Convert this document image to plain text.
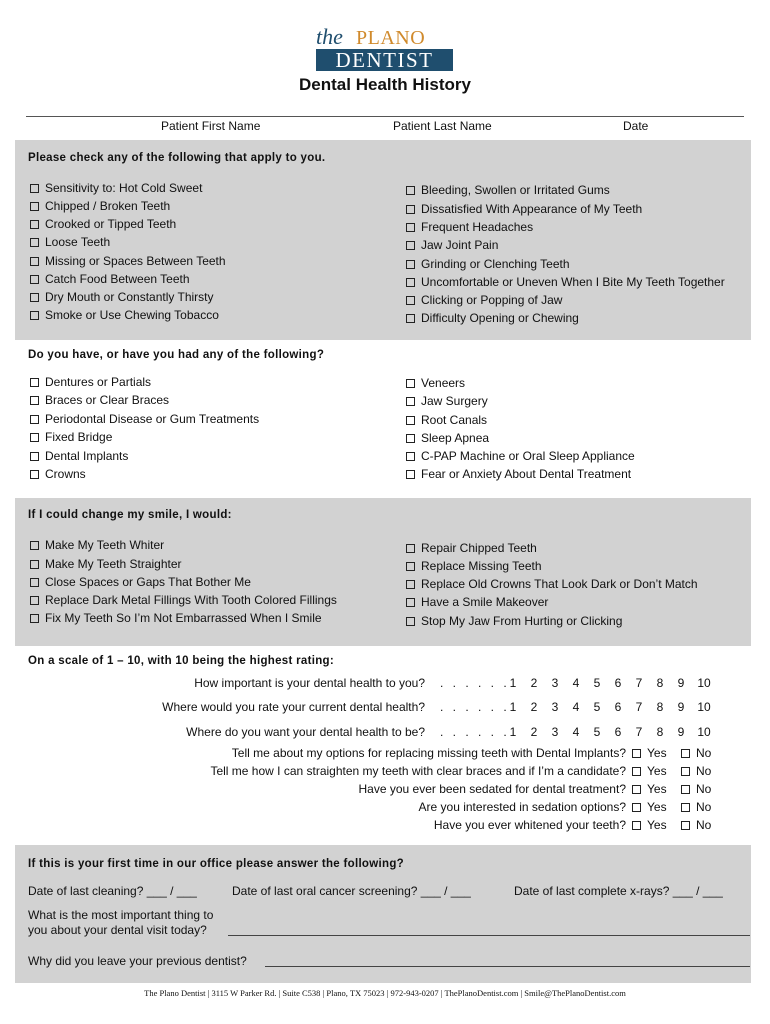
the PLANO
DENTIST
Dental Health History
Patient First Name	Patient Last Name	Date
Please check any of the following that apply to you.
Sensitivity to: Hot Cold Sweet
Chipped / Broken Teeth
Crooked or Tipped Teeth
Loose Teeth
Missing or Spaces Between Teeth
Catch Food Between Teeth
Dry Mouth or Constantly Thirsty
Smoke or Use Chewing Tobacco
Bleeding, Swollen or Irritated Gums
Dissatisfied With Appearance of My Teeth
Frequent Headaches
Jaw Joint Pain
Grinding or Clenching Teeth
Uncomfortable or Uneven When I Bite My Teeth Together
Clicking or Popping of Jaw
Difficulty Opening or Chewing
Do you have, or have you had any of the following?
Dentures or Partials
Braces or Clear Braces
Periodontal Disease or Gum Treatments
Fixed Bridge
Dental Implants
Crowns
Veneers
Jaw Surgery
Root Canals
Sleep Apnea
C-PAP Machine or Oral Sleep Appliance
Fear or Anxiety About Dental Treatment
If I could change my smile, I would:
Make My Teeth Whiter
Make My Teeth Straighter
Close Spaces or Gaps That Bother Me
Replace Dark Metal Fillings With Tooth Colored Fillings
Fix My Teeth So I’m Not Embarrassed When I Smile
Repair Chipped Teeth
Replace Missing Teeth
Replace Old Crowns That Look Dark or Don’t Match
Have a Smile Makeover
Stop My Jaw From Hurting or Clicking
On a scale of 1 – 10, with 10 being the highest rating:
How important is your dental health to you? . . . . . . 1	2	3	4	5	6	7	8	9	10
Where would you rate your current dental health? . . . . . . 1	2	3	4	5	6	7	8	9	10
Where do you want your dental health to be? . . . . . . 1	2	3	4	5	6	7	8	9	10
Tell me about my options for replacing missing teeth with Dental Implants? Yes No
Tell me how I can straighten my teeth with clear braces and if I’m a candidate? Yes No
Have you ever been sedated for dental treatment? Yes No
Are you interested in sedation options? Yes No
Have you ever whitened your teeth? Yes No
If this is your first time in our office please answer the following?
Date of last cleaning? ___ / ___	Date of last oral cancer screening? ___ / ___	Date of last complete x-rays? ___ / ___
What is the most important thing to
you about your dental visit today?
Why did you leave your previous dentist?
The Plano Dentist | 3115 W Parker Rd. | Suite C538 | Plano, TX 75023 | 972-943-0207 | ThePlanoDentist.com | Smile@ThePlanoDentist.com
